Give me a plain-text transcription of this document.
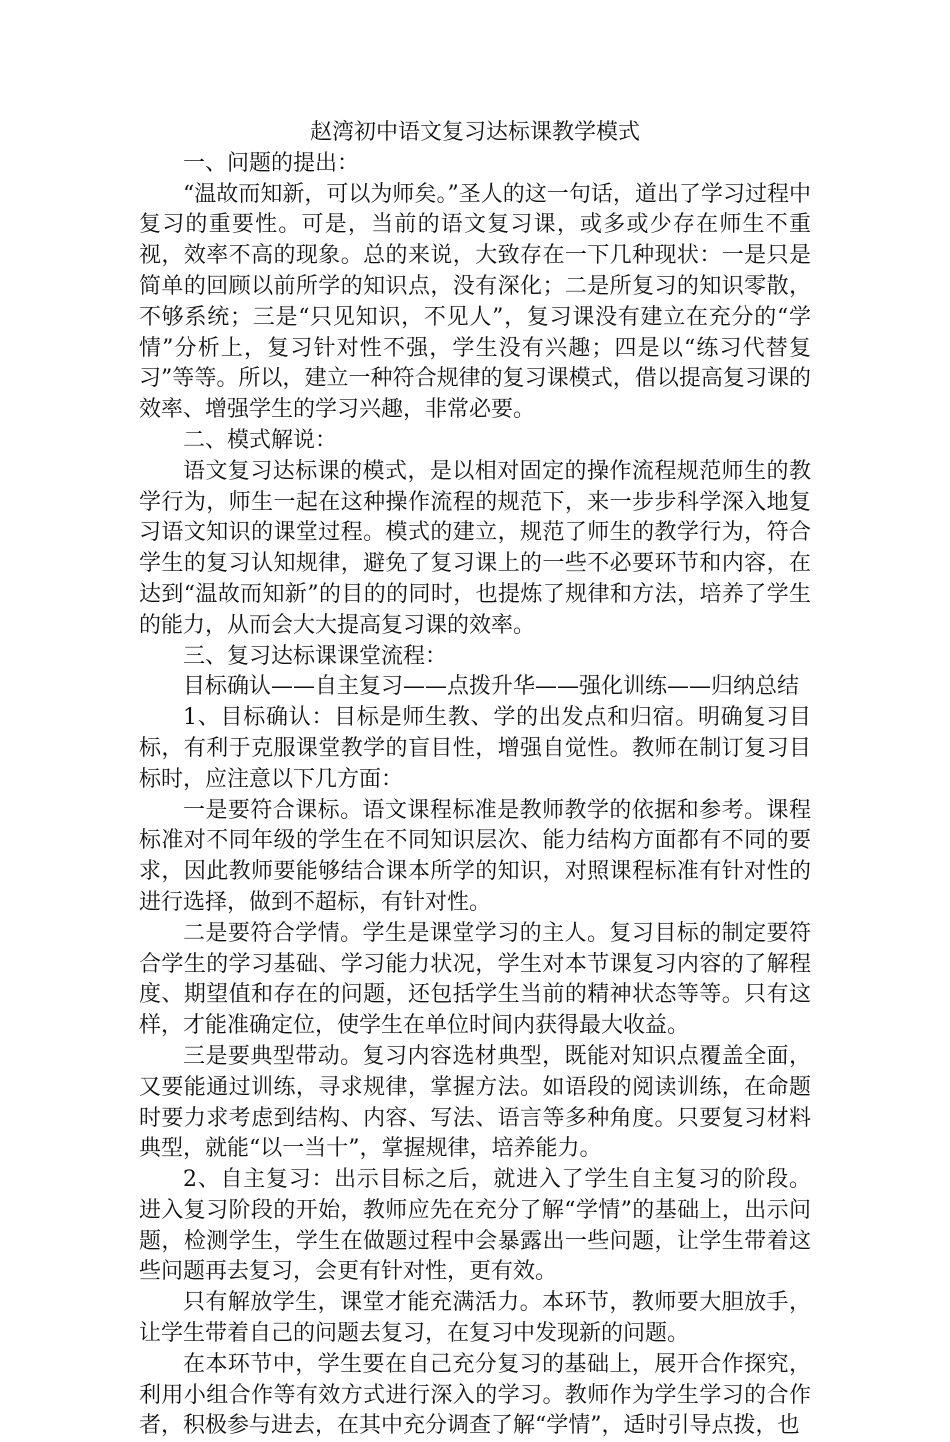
赵湾初中语文复习达标课教学模式

一、问题的提出：

“温故而知新，可以为师矣。”圣人的这一句话，道出了学习过程中复习的重要性。可是，当前的语文复习课，或多或少存在师生不重视，效率不高的现象。总的来说，大致存在一下几种现状：一是只是简单的回顾以前所学的知识点，没有深化；二是所复习的知识零散，不够系统；三是“只见知识，不见人”，复习课没有建立在充分的“学情”分析上，复习针对性不强，学生没有兴趣；四是以“练习代替复习”等等。所以，建立一种符合规律的复习课模式，借以提高复习课的效率、增强学生的学习兴趣，非常必要。

二、模式解说：

语文复习达标课的模式，是以相对固定的操作流程规范师生的教学行为，师生一起在这种操作流程的规范下，来一步步科学深入地复习语文知识的课堂过程。模式的建立，规范了师生的教学行为，符合学生的复习认知规律，避免了复习课上的一些不必要环节和内容，在达到“温故而知新”的目的的同时，也提炼了规律和方法，培养了学生的能力，从而会大大提高复习课的效率。

三、复习达标课课堂流程：

目标确认——自主复习——点拨升华——强化训练——归纳总结

1、目标确认：目标是师生教、学的出发点和归宿。明确复习目标，有利于克服课堂教学的盲目性，增强自觉性。教师在制订复习目标时，应注意以下几方面：

一是要符合课标。语文课程标准是教师教学的依据和参考。课程标准对不同年级的学生在不同知识层次、能力结构方面都有不同的要求，因此教师要能够结合课本所学的知识，对照课程标准有针对性的进行选择，做到不超标，有针对性。

二是要符合学情。学生是课堂学习的主人。复习目标的制定要符合学生的学习基础、学习能力状况，学生对本节课复习内容的了解程度、期望值和存在的问题，还包括学生当前的精神状态等等。只有这样，才能准确定位，使学生在单位时间内获得最大收益。

三是要典型带动。复习内容选材典型，既能对知识点覆盖全面，又要能通过训练，寻求规律，掌握方法。如语段的阅读训练，在命题时要力求考虑到结构、内容、写法、语言等多种角度。只要复习材料典型，就能“以一当十”，掌握规律，培养能力。

2、自主复习：出示目标之后，就进入了学生自主复习的阶段。进入复习阶段的开始，教师应先在充分了解“学情”的基础上，出示问题，检测学生，学生在做题过程中会暴露出一些问题，让学生带着这些问题再去复习，会更有针对性，更有效。

只有解放学生，课堂才能充满活力。本环节，教师要大胆放手，让学生带着自己的问题去复习，在复习中发现新的问题。

在本环节中，学生要在自己充分复习的基础上，展开合作探究，利用小组合作等有效方式进行深入的学习。教师作为学生学习的合作者，积极参与进去，在其中充分调查了解“学情”，适时引导点拨，也
